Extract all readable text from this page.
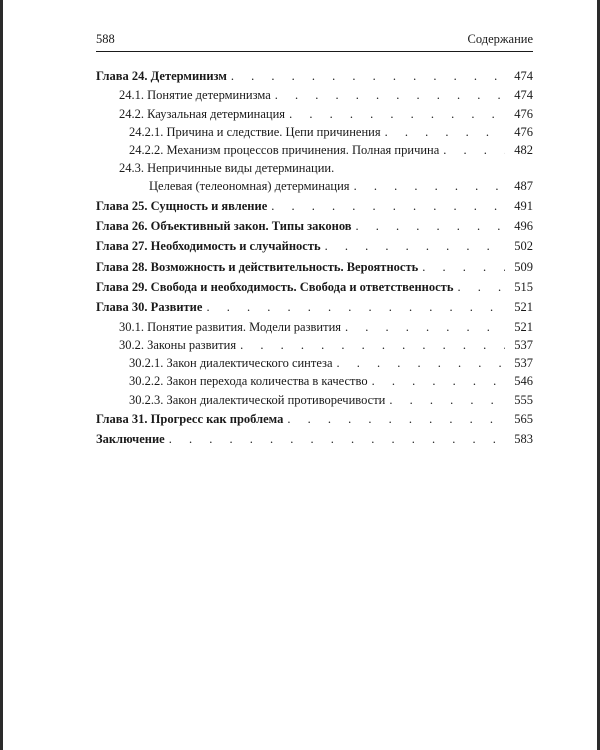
588	Содержание
Глава 24. Детерминизм . . .	474
24.1. Понятие детерминизма . . .	474
24.2. Каузальная детерминация . . .	476
24.2.1. Причина и следствие. Цепи причинения . . .	476
24.2.2. Механизм процессов причинения. Полная причина . . .	482
24.3. Непричинные виды детерминации.
Целевая (телеономная) детерминация . . .	487
Глава 25. Сущность и явление . . .	491
Глава 26. Объективный закон. Типы законов . . .	496
Глава 27. Необходимость и случайность . . .	502
Глава 28. Возможность и действительность. Вероятность . . .	509
Глава 29. Свобода и необходимость. Свобода и ответственность . . .	515
Глава 30. Развитие . . .	521
30.1. Понятие развития. Модели развития . . .	521
30.2. Законы развития . . .	537
30.2.1. Закон диалектического синтеза . . .	537
30.2.2. Закон перехода количества в качество . . .	546
30.2.3. Закон диалектической противоречивости . . .	555
Глава 31. Прогресс как проблема . . .	565
Заключение . . .	583
